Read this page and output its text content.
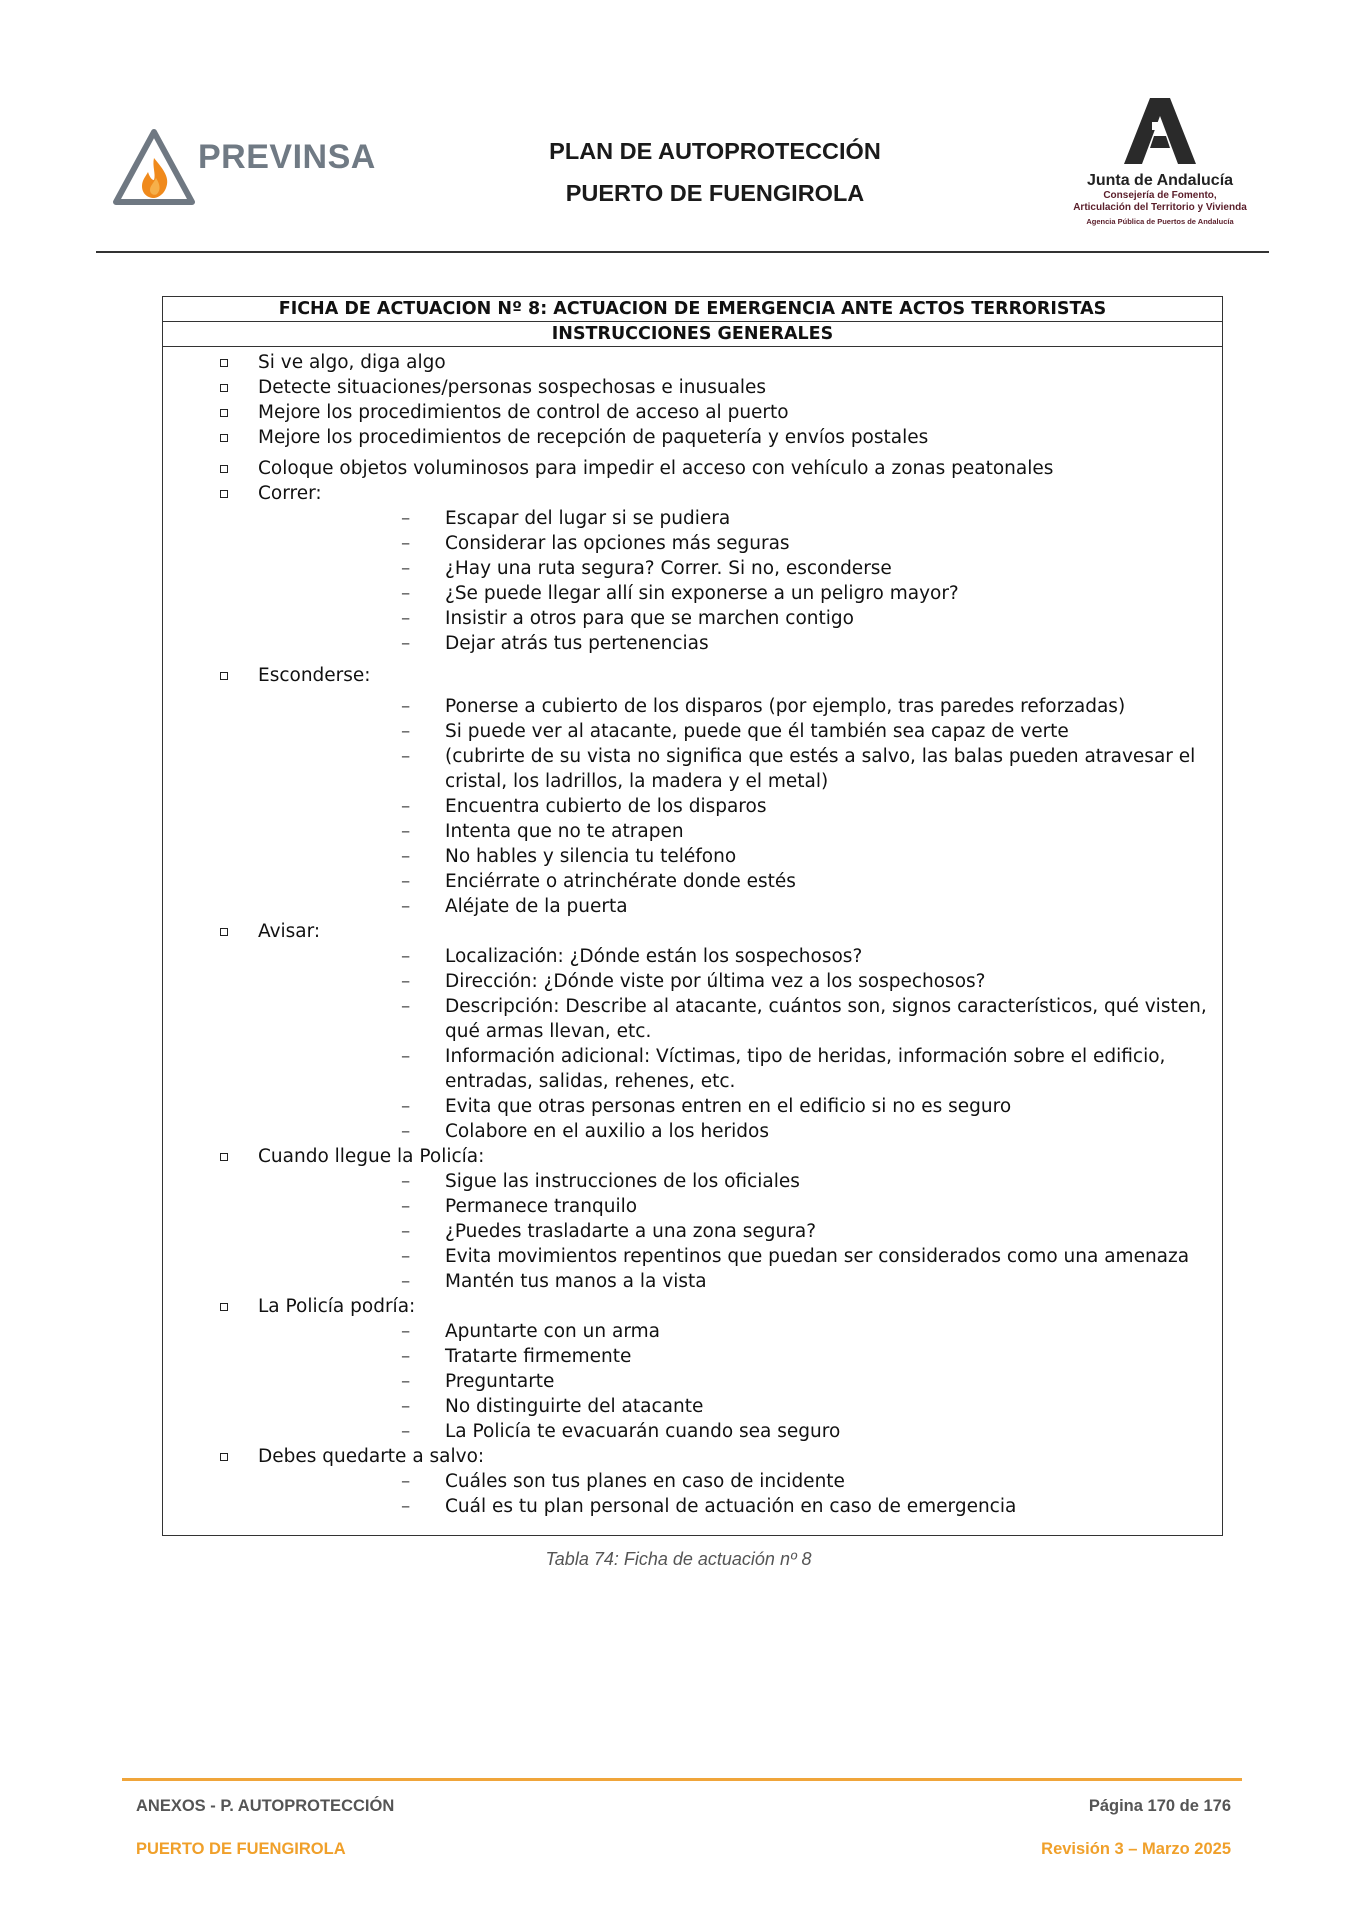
PREVINSA	PLAN DE AUTOPROTECCIÓN
PUERTO DE FUENGIROLA	Junta de Andalucía
Consejería de Fomento,
Articulación del Territorio y Vivienda
Agencia Pública de Puertos de Andalucía
FICHA DE ACTUACION Nº 8: ACTUACION DE EMERGENCIA ANTE ACTOS TERRORISTAS
INSTRUCCIONES GENERALES
Si ve algo, diga algo
Detecte situaciones/personas sospechosas e inusuales
Mejore los procedimientos de control de acceso al puerto
Mejore los procedimientos de recepción de paquetería y envíos postales
Coloque objetos voluminosos para impedir el acceso con vehículo a zonas peatonales
Correr:
– Escapar del lugar si se pudiera
– Considerar las opciones más seguras
– ¿Hay una ruta segura? Correr. Si no, esconderse
– ¿Se puede llegar allí sin exponerse a un peligro mayor?
– Insistir a otros para que se marchen contigo
– Dejar atrás tus pertenencias
Esconderse:
– Ponerse a cubierto de los disparos (por ejemplo, tras paredes reforzadas)
– Si puede ver al atacante, puede que él también sea capaz de verte
– (cubrirte de su vista no significa que estés a salvo, las balas pueden atravesar el cristal, los ladrillos, la madera y el metal)
– Encuentra cubierto de los disparos
– Intenta que no te atrapen
– No hables y silencia tu teléfono
– Enciérrate o atrinchérate donde estés
– Aléjate de la puerta
Avisar:
– Localización: ¿Dónde están los sospechosos?
– Dirección: ¿Dónde viste por última vez a los sospechosos?
– Descripción: Describe al atacante, cuántos son, signos característicos, qué visten, qué armas llevan, etc.
– Información adicional: Víctimas, tipo de heridas, información sobre el edificio, entradas, salidas, rehenes, etc.
– Evita que otras personas entren en el edificio si no es seguro
– Colabore en el auxilio a los heridos
Cuando llegue la Policía:
– Sigue las instrucciones de los oficiales
– Permanece tranquilo
– ¿Puedes trasladarte a una zona segura?
– Evita movimientos repentinos que puedan ser considerados como una amenaza
– Mantén tus manos a la vista
La Policía podría:
– Apuntarte con un arma
– Tratarte firmemente
– Preguntarte
– No distinguirte del atacante
– La Policía te evacuarán cuando sea seguro
Debes quedarte a salvo:
– Cuáles son tus planes en caso de incidente
– Cuál es tu plan personal de actuación en caso de emergencia
Tabla 74: Ficha de actuación nº 8
ANEXOS - P. AUTOPROTECCIÓN	Página 170 de 176
PUERTO DE FUENGIROLA	Revisión 3 – Marzo 2025
